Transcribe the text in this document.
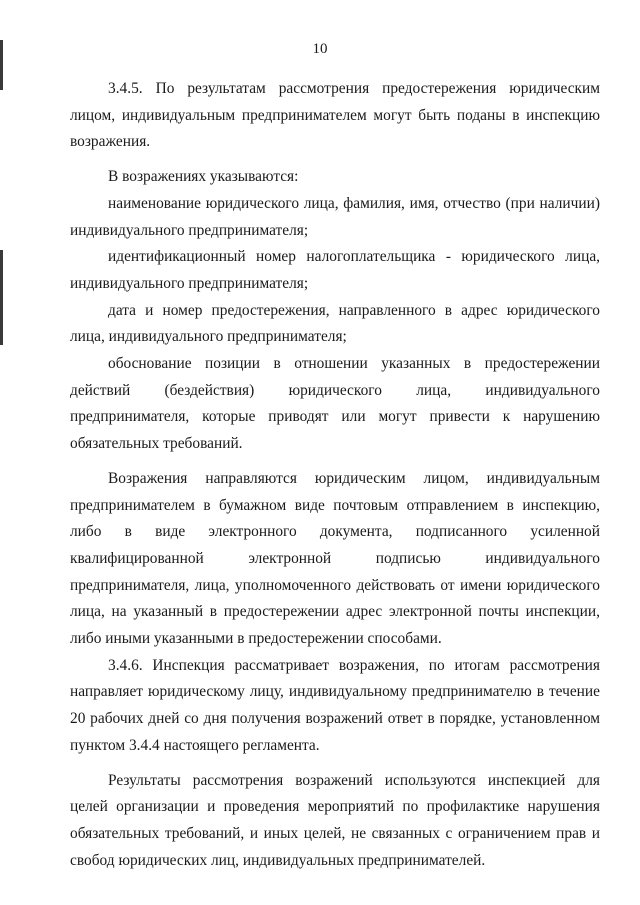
10

3.4.5. По результатам рассмотрения предостережения юридическим лицом, индивидуальным предпринимателем могут быть поданы в инспекцию возражения.

В возражениях указываются:

наименование юридического лица, фамилия, имя, отчество (при наличии) индивидуального предпринимателя;

идентификационный номер налогоплательщика - юридического лица, индивидуального предпринимателя;

дата и номер предостережения, направленного в адрес юридического лица, индивидуального предпринимателя;

обоснование позиции в отношении указанных в предостережении действий (бездействия) юридического лица, индивидуального предпринимателя, которые приводят или могут привести к нарушению обязательных требований.

Возражения направляются юридическим лицом, индивидуальным предпринимателем в бумажном виде почтовым отправлением в инспекцию, либо в виде электронного документа, подписанного усиленной квалифицированной электронной подписью индивидуального предпринимателя, лица, уполномоченного действовать от имени юридического лица, на указанный в предостережении адрес электронной почты инспекции, либо иными указанными в предостережении способами.

3.4.6. Инспекция рассматривает возражения, по итогам рассмотрения направляет юридическому лицу, индивидуальному предпринимателю в течение 20 рабочих дней со дня получения возражений ответ в порядке, установленном пунктом 3.4.4 настоящего регламента.

Результаты рассмотрения возражений используются инспекцией для целей организации и проведения мероприятий по профилактике нарушения обязательных требований, и иных целей, не связанных с ограничением прав и свобод юридических лиц, индивидуальных предпринимателей.
